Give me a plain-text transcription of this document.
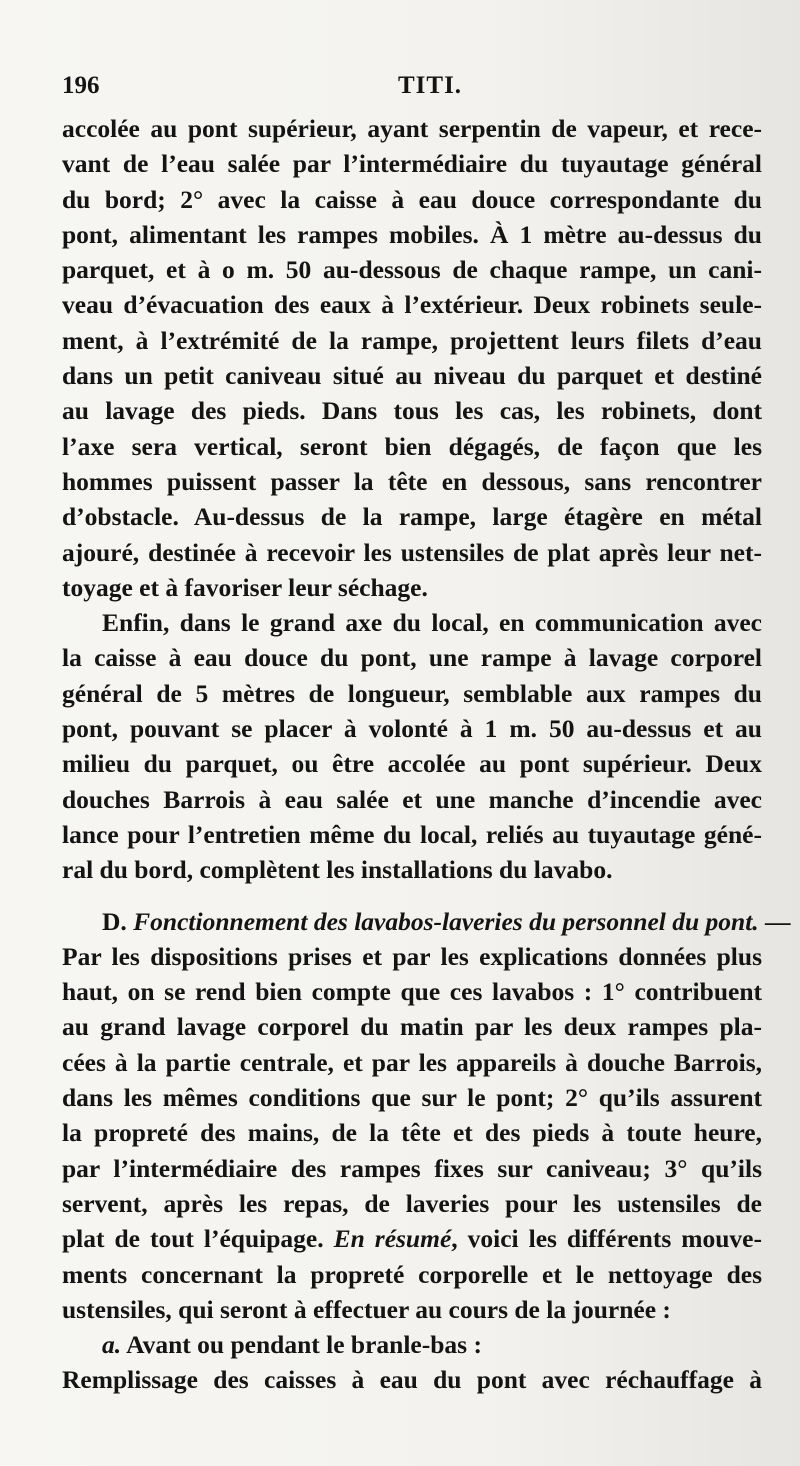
196	TITI.
accolée au pont supérieur, ayant serpentin de vapeur, et rece-
vant de l’eau salée par l’intermédiaire du tuyautage général
du bord; 2° avec la caisse à eau douce correspondante du
pont, alimentant les rampes mobiles. À 1 mètre au-dessus du
parquet, et à o m. 50 au-dessous de chaque rampe, un cani-
veau d’évacuation des eaux à l’extérieur. Deux robinets seule-
ment, à l’extrémité de la rampe, projettent leurs filets d’eau
dans un petit caniveau situé au niveau du parquet et destiné
au lavage des pieds. Dans tous les cas, les robinets, dont
l’axe sera vertical, seront bien dégagés, de façon que les
hommes puissent passer la tête en dessous, sans rencontrer
d’obstacle. Au-dessus de la rampe, large étagère en métal
ajouré, destinée à recevoir les ustensiles de plat après leur net-
toyage et à favoriser leur séchage.
Enfin, dans le grand axe du local, en communication avec
la caisse à eau douce du pont, une rampe à lavage corporel
général de 5 mètres de longueur, semblable aux rampes du
pont, pouvant se placer à volonté à 1 m. 50 au-dessus et au
milieu du parquet, ou être accolée au pont supérieur. Deux
douches Barrois à eau salée et une manche d’incendie avec
lance pour l’entretien même du local, reliés au tuyautage géné-
ral du bord, complètent les installations du lavabo.
D. Fonctionnement des lavabos-laveries du personnel du pont. —
Par les dispositions prises et par les explications données plus
haut, on se rend bien compte que ces lavabos : 1° contribuent
au grand lavage corporel du matin par les deux rampes pla-
cées à la partie centrale, et par les appareils à douche Barrois,
dans les mêmes conditions que sur le pont; 2° qu’ils assurent
la propreté des mains, de la tête et des pieds à toute heure,
par l’intermédiaire des rampes fixes sur caniveau; 3° qu’ils
servent, après les repas, de laveries pour les ustensiles de
plat de tout l’équipage. En résumé, voici les différents mouve-
ments concernant la propreté corporelle et le nettoyage des
ustensiles, qui seront à effectuer au cours de la journée :
a. Avant ou pendant le branle-bas :
Remplissage des caisses à eau du pont avec réchauffage à
